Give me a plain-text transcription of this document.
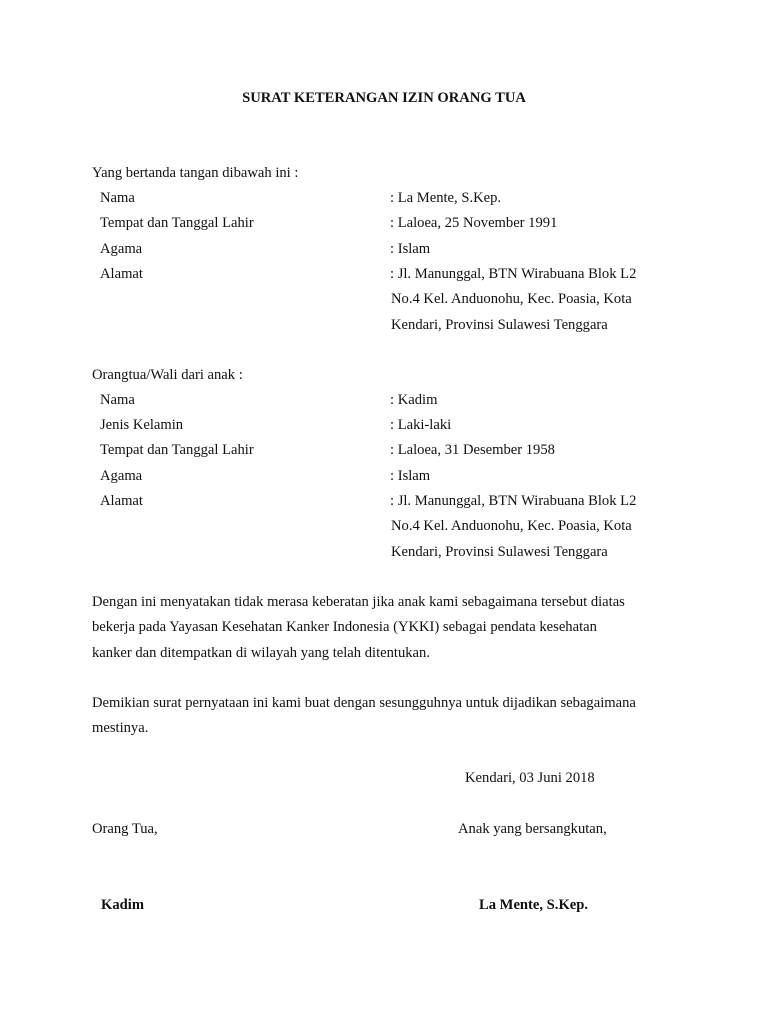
SURAT KETERANGAN IZIN ORANG TUA
Yang bertanda tangan dibawah ini :
Nama	: La Mente, S.Kep.
Tempat dan Tanggal Lahir	: Laloea, 25 November 1991
Agama	: Islam
Alamat	: Jl. Manunggal, BTN Wirabuana Blok L2
No.4 Kel. Anduonohu, Kec. Poasia, Kota
Kendari, Provinsi Sulawesi Tenggara
Orangtua/Wali dari anak :
Nama	: Kadim
Jenis Kelamin	: Laki-laki
Tempat dan Tanggal Lahir	: Laloea, 31 Desember 1958
Agama	: Islam
Alamat	: Jl. Manunggal, BTN Wirabuana Blok L2
No.4 Kel. Anduonohu, Kec. Poasia, Kota
Kendari, Provinsi Sulawesi Tenggara
Dengan ini menyatakan tidak merasa keberatan jika anak kami sebagaimana tersebut diatas
bekerja pada Yayasan Kesehatan Kanker Indonesia (YKKI) sebagai pendata kesehatan
kanker dan ditempatkan di wilayah yang telah ditentukan.
Demikian surat pernyataan ini kami buat dengan sesungguhnya untuk dijadikan sebagaimana
mestinya.
Kendari, 03 Juni 2018
Orang Tua,	Anak yang bersangkutan,
Kadim	La Mente, S.Kep.
